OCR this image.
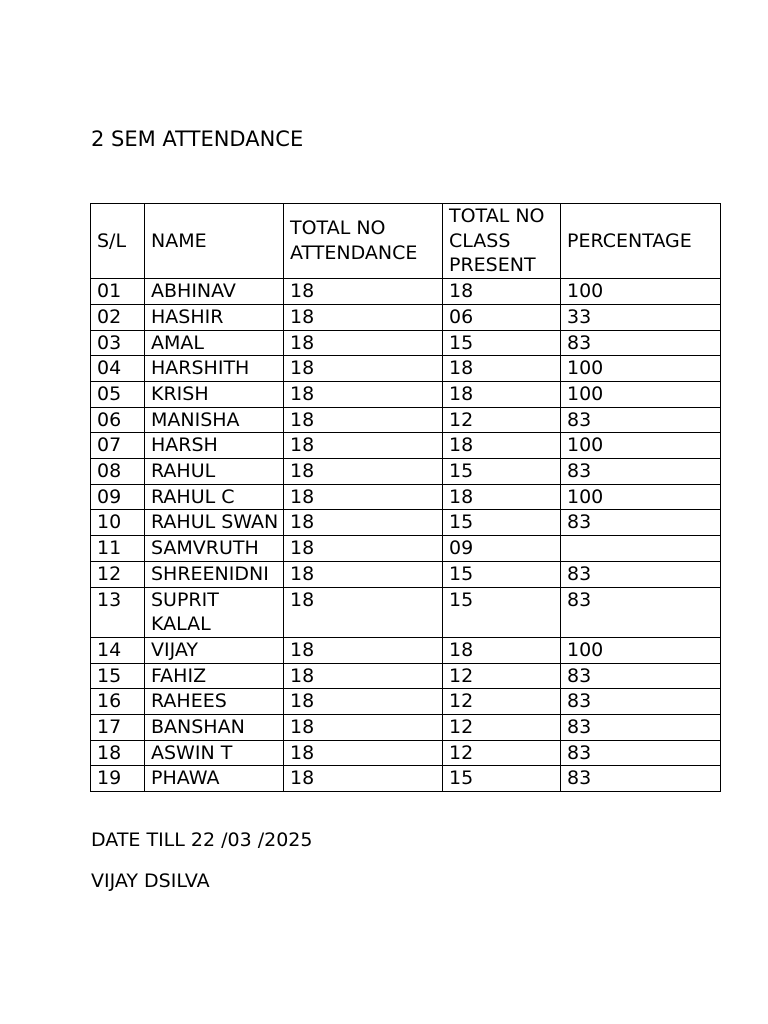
2 SEM ATTENDANCE
S/L	NAME	TOTAL NO ATTENDANCE	TOTAL NO CLASS PRESENT	PERCENTAGE
01	ABHINAV	18	18	100
02	HASHIR	18	06	33
03	AMAL	18	15	83
04	HARSHITH	18	18	100
05	KRISH	18	18	100
06	MANISHA	18	12	83
07	HARSH	18	18	100
08	RAHUL	18	15	83
09	RAHUL C	18	18	100
10	RAHUL SWAN	18	15	83
11	SAMVRUTH	18	09	
12	SHREENIDNI	18	15	83
13	SUPRIT KALAL	18	15	83
14	VIJAY	18	18	100
15	FAHIZ	18	12	83
16	RAHEES	18	12	83
17	BANSHAN	18	12	83
18	ASWIN T	18	12	83
19	PHAWA	18	15	83
DATE TILL 22 /03 /2025
VIJAY DSILVA
